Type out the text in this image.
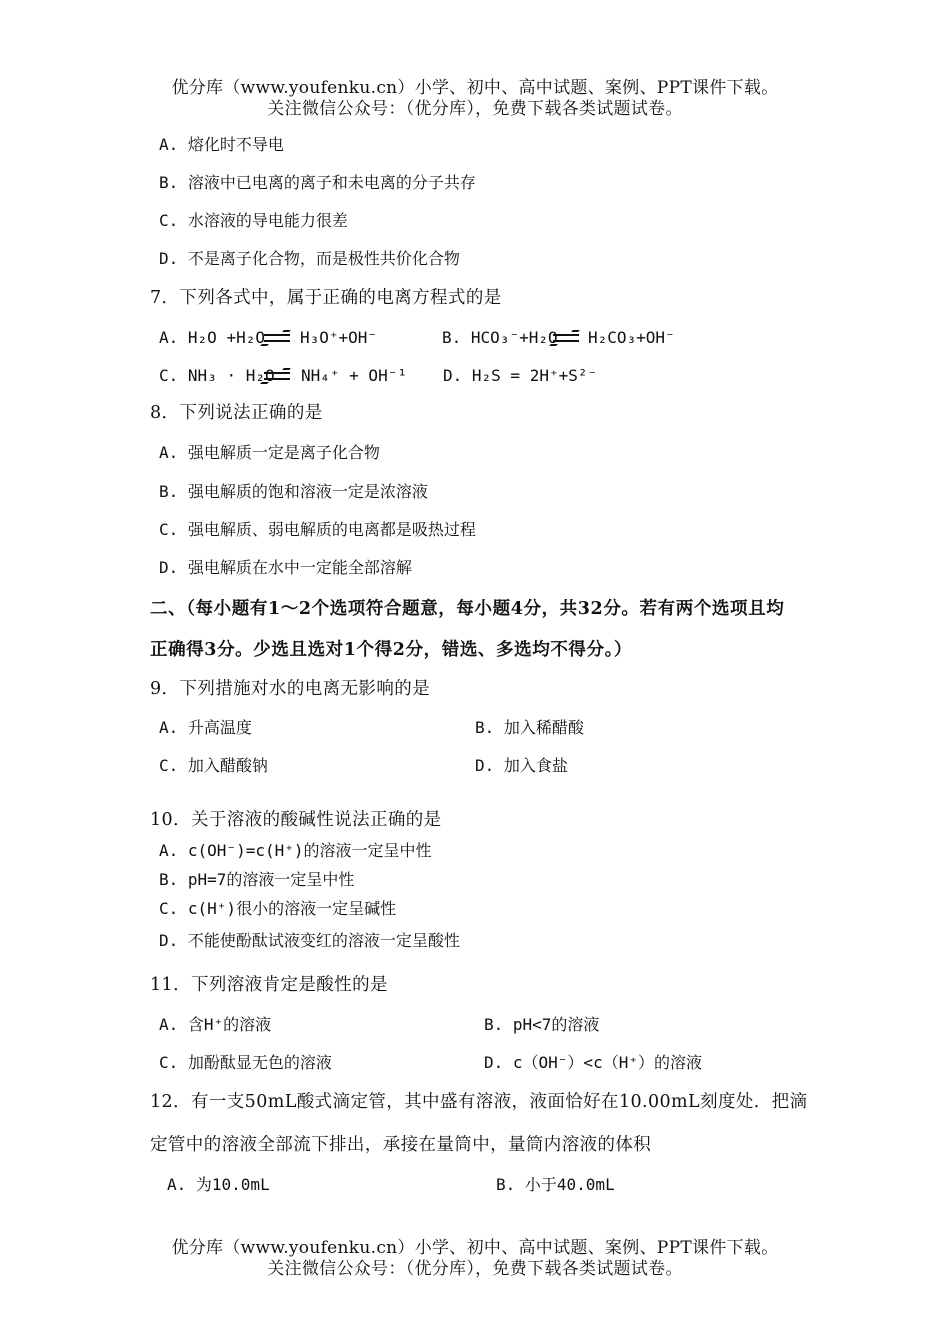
优分库（www.youfenku.cn）小学、初中、高中试题、案例、PPT课件下载。
关注微信公众号：（优分库），免费下载各类试题试卷。
A. 熔化时不导电
B. 溶液中已电离的离子和未电离的分子共存
C. 水溶液的导电能力很差
D. 不是离子化合物，而是极性共价化合物
7．下列各式中，属于正确的电离方程式的是
A. H₂O +H₂O → H₃O⁺+OH⁻	B. HCO₃⁻+H₂O → H₂CO₃+OH⁻
C. NH₃ · H₂O → NH₄⁺ + OH⁻¹ D. H₂S = 2H⁺+S²⁻
8．下列说法正确的是
A. 强电解质一定是离子化合物
B. 强电解质的饱和溶液一定是浓溶液
C. 强电解质、弱电解质的电离都是吸热过程
D. 强电解质在水中一定能全部溶解
二、（每小题有1～2个选项符合题意，每小题4分，共32分。若有两个选项且均
正确得3分。少选且选对1个得2分，错选、多选均不得分。）
9．下列措施对水的电离无影响的是
A. 升高温度	B. 加入稀醋酸
C. 加入醋酸钠	D. 加入食盐
10．关于溶液的酸碱性说法正确的是
A. c(OH⁻)=c(H⁺)的溶液一定呈中性
B. pH=7的溶液一定呈中性
C. c(H⁺)很小的溶液一定呈碱性
D. 不能使酚酞试液变红的溶液一定呈酸性
11．下列溶液肯定是酸性的是
A. 含H⁺的溶液	B. pH<7的溶液
C. 加酚酞显无色的溶液	D. c（OH⁻）<c（H⁺）的溶液
12．有一支50mL酸式滴定管，其中盛有溶液，液面恰好在10.00mL刻度处．把滴
定管中的溶液全部流下排出，承接在量筒中，量筒内溶液的体积
A. 为10.0mL	B. 小于40.0mL
优分库（www.youfenku.cn）小学、初中、高中试题、案例、PPT课件下载。
关注微信公众号：（优分库），免费下载各类试题试卷。
